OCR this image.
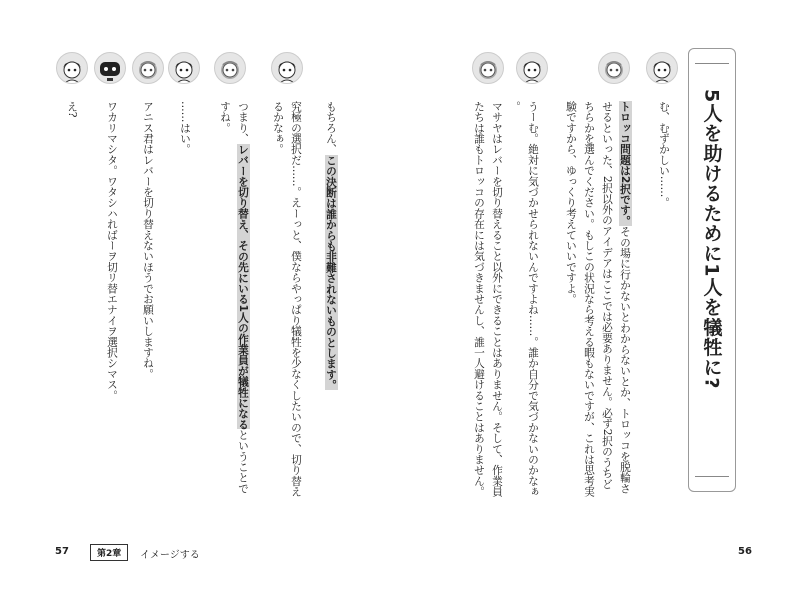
5人を助けるために1人を犠牲に?
む、むずかしい……。
トロッコ問題は2択です。その場に行かないとわからないとか、トロッコを脱輪させるといった、2択以外のアイデアはここでは必要ありません。必ず2択のうちどちらかを選んでください。もしこの状況なら考える暇もないですが、これは思考実験ですから、ゆっくり考えていいですよ。
うーむ。絶対に気づかせられないんですよね……。誰か自分で気づかないのかなぁ。
マサヤはレバーを切り替えること以外にできることはありません。そして、作業員たちは誰もトロッコの存在には気づきませんし、誰一人避けることはありません。
もちろん、この決断は誰からも非難されないものとします。
究極の選択だ……。えーっと、僕ならやっぱり犠牲を少なくしたいので、切り替えるかなぁ。
つまり、レバーを切り替え、その先にいる1人の作業員が犠牲になるということですね。
……はい。
アニス君はレバーを切り替えないほうでお願いしますね。
ワカリマシタ。ワタシハればーヲ切リ替エナイヲ選択シマス。
え?
57	第2章	イメージする	56
